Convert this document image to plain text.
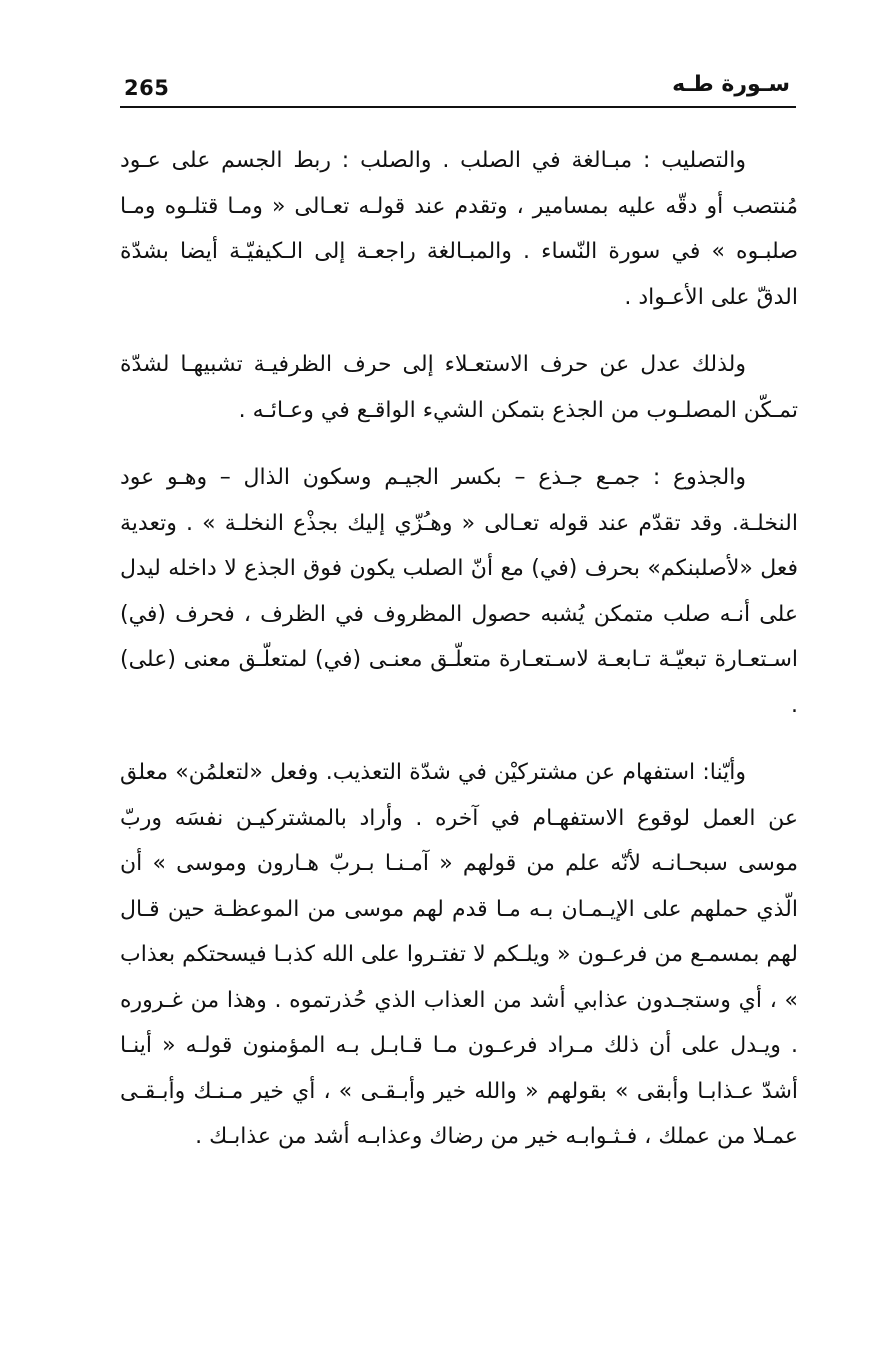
265	سـورة طـه

والتصليب : مبـالغة في الصلب . والصلب : ربط الجسم على عـود مُنتصب أو دقّه عليه بمسامير ، وتقدم عند قولـه تعـالى « ومـا قتلـوه ومـا صلبـوه » في سورة النّساء . والمبـالغة راجعـة إلى الـكيفيّـة أيضا بشدّة الدقّ على الأعـواد .

ولذلك عدل عن حرف الاستعـلاء إلى حرف الظرفيـة تشبيهـا لشدّة تمـكّن المصلـوب من الجذع بتمكن الشيء الواقـع في وعـائـه .

والجذوع : جمـع جـذع – بكسر الجيـم وسكون الذال – وهـو عود النخلـة. وقد تقدّم عند قوله تعـالى « وهـُزّي إليك بجذْع النخلـة » . وتعدية فعل «لأصلبنكم» بحرف (في) مع أنّ الصلب يكون فوق الجذع لا داخله ليدل على أنـه صلب متمكن يُشبه حصول المظروف في الظرف ، فحرف (في) اسـتعـارة تبعيّـة تـابعـة لاسـتعـارة متعلّـق معنـى (في) لمتعلّـق معنى (على) .

وأيّنا: استفهام عن مشتركيْن في شدّة التعذيب. وفعل «لتعلمُن» معلق عن العمل لوقوع الاستفهـام في آخره . وأراد بالمشتركيـن نفسَه وربّ موسى سبحـانـه لأنّه علم من قولهم « آمـنـا بـربّ هـارون وموسى » أن الّذي حملهم على الإيـمـان بـه مـا قدم لهم موسى من الموعظـة حين قـال لهم بمسمـع من فرعـون « ويلـكم لا تفتـروا على الله كذبـا فيسحتكم بعذاب » ، أي وستجـدون عذابي أشد من العذاب الذي حُذرتموه . وهذا من غـروره . ويـدل على أن ذلك مـراد فرعـون مـا قـابـل بـه المؤمنون قولـه « أينـا أشدّ عـذابـا وأبقى » بقولهم « والله خير وأبـقـى » ، أي خير مـنـك وأبـقـى عمـلا من عملك ، فـثـوابـه خير من رضاك وعذابـه أشد من عذابـك .
